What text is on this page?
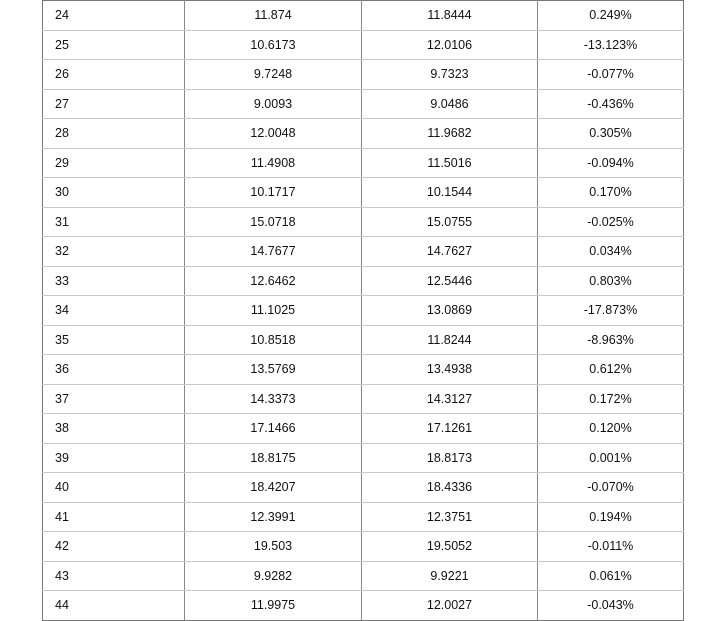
24	11.874	11.8444	0.249%
25	10.6173	12.0106	-13.123%
26	9.7248	9.7323	-0.077%
27	9.0093	9.0486	-0.436%
28	12.0048	11.9682	0.305%
29	11.4908	11.5016	-0.094%
30	10.1717	10.1544	0.170%
31	15.0718	15.0755	-0.025%
32	14.7677	14.7627	0.034%
33	12.6462	12.5446	0.803%
34	11.1025	13.0869	-17.873%
35	10.8518	11.8244	-8.963%
36	13.5769	13.4938	0.612%
37	14.3373	14.3127	0.172%
38	17.1466	17.1261	0.120%
39	18.8175	18.8173	0.001%
40	18.4207	18.4336	-0.070%
41	12.3991	12.3751	0.194%
42	19.503	19.5052	-0.011%
43	9.9282	9.9221	0.061%
44	11.9975	12.0027	-0.043%
